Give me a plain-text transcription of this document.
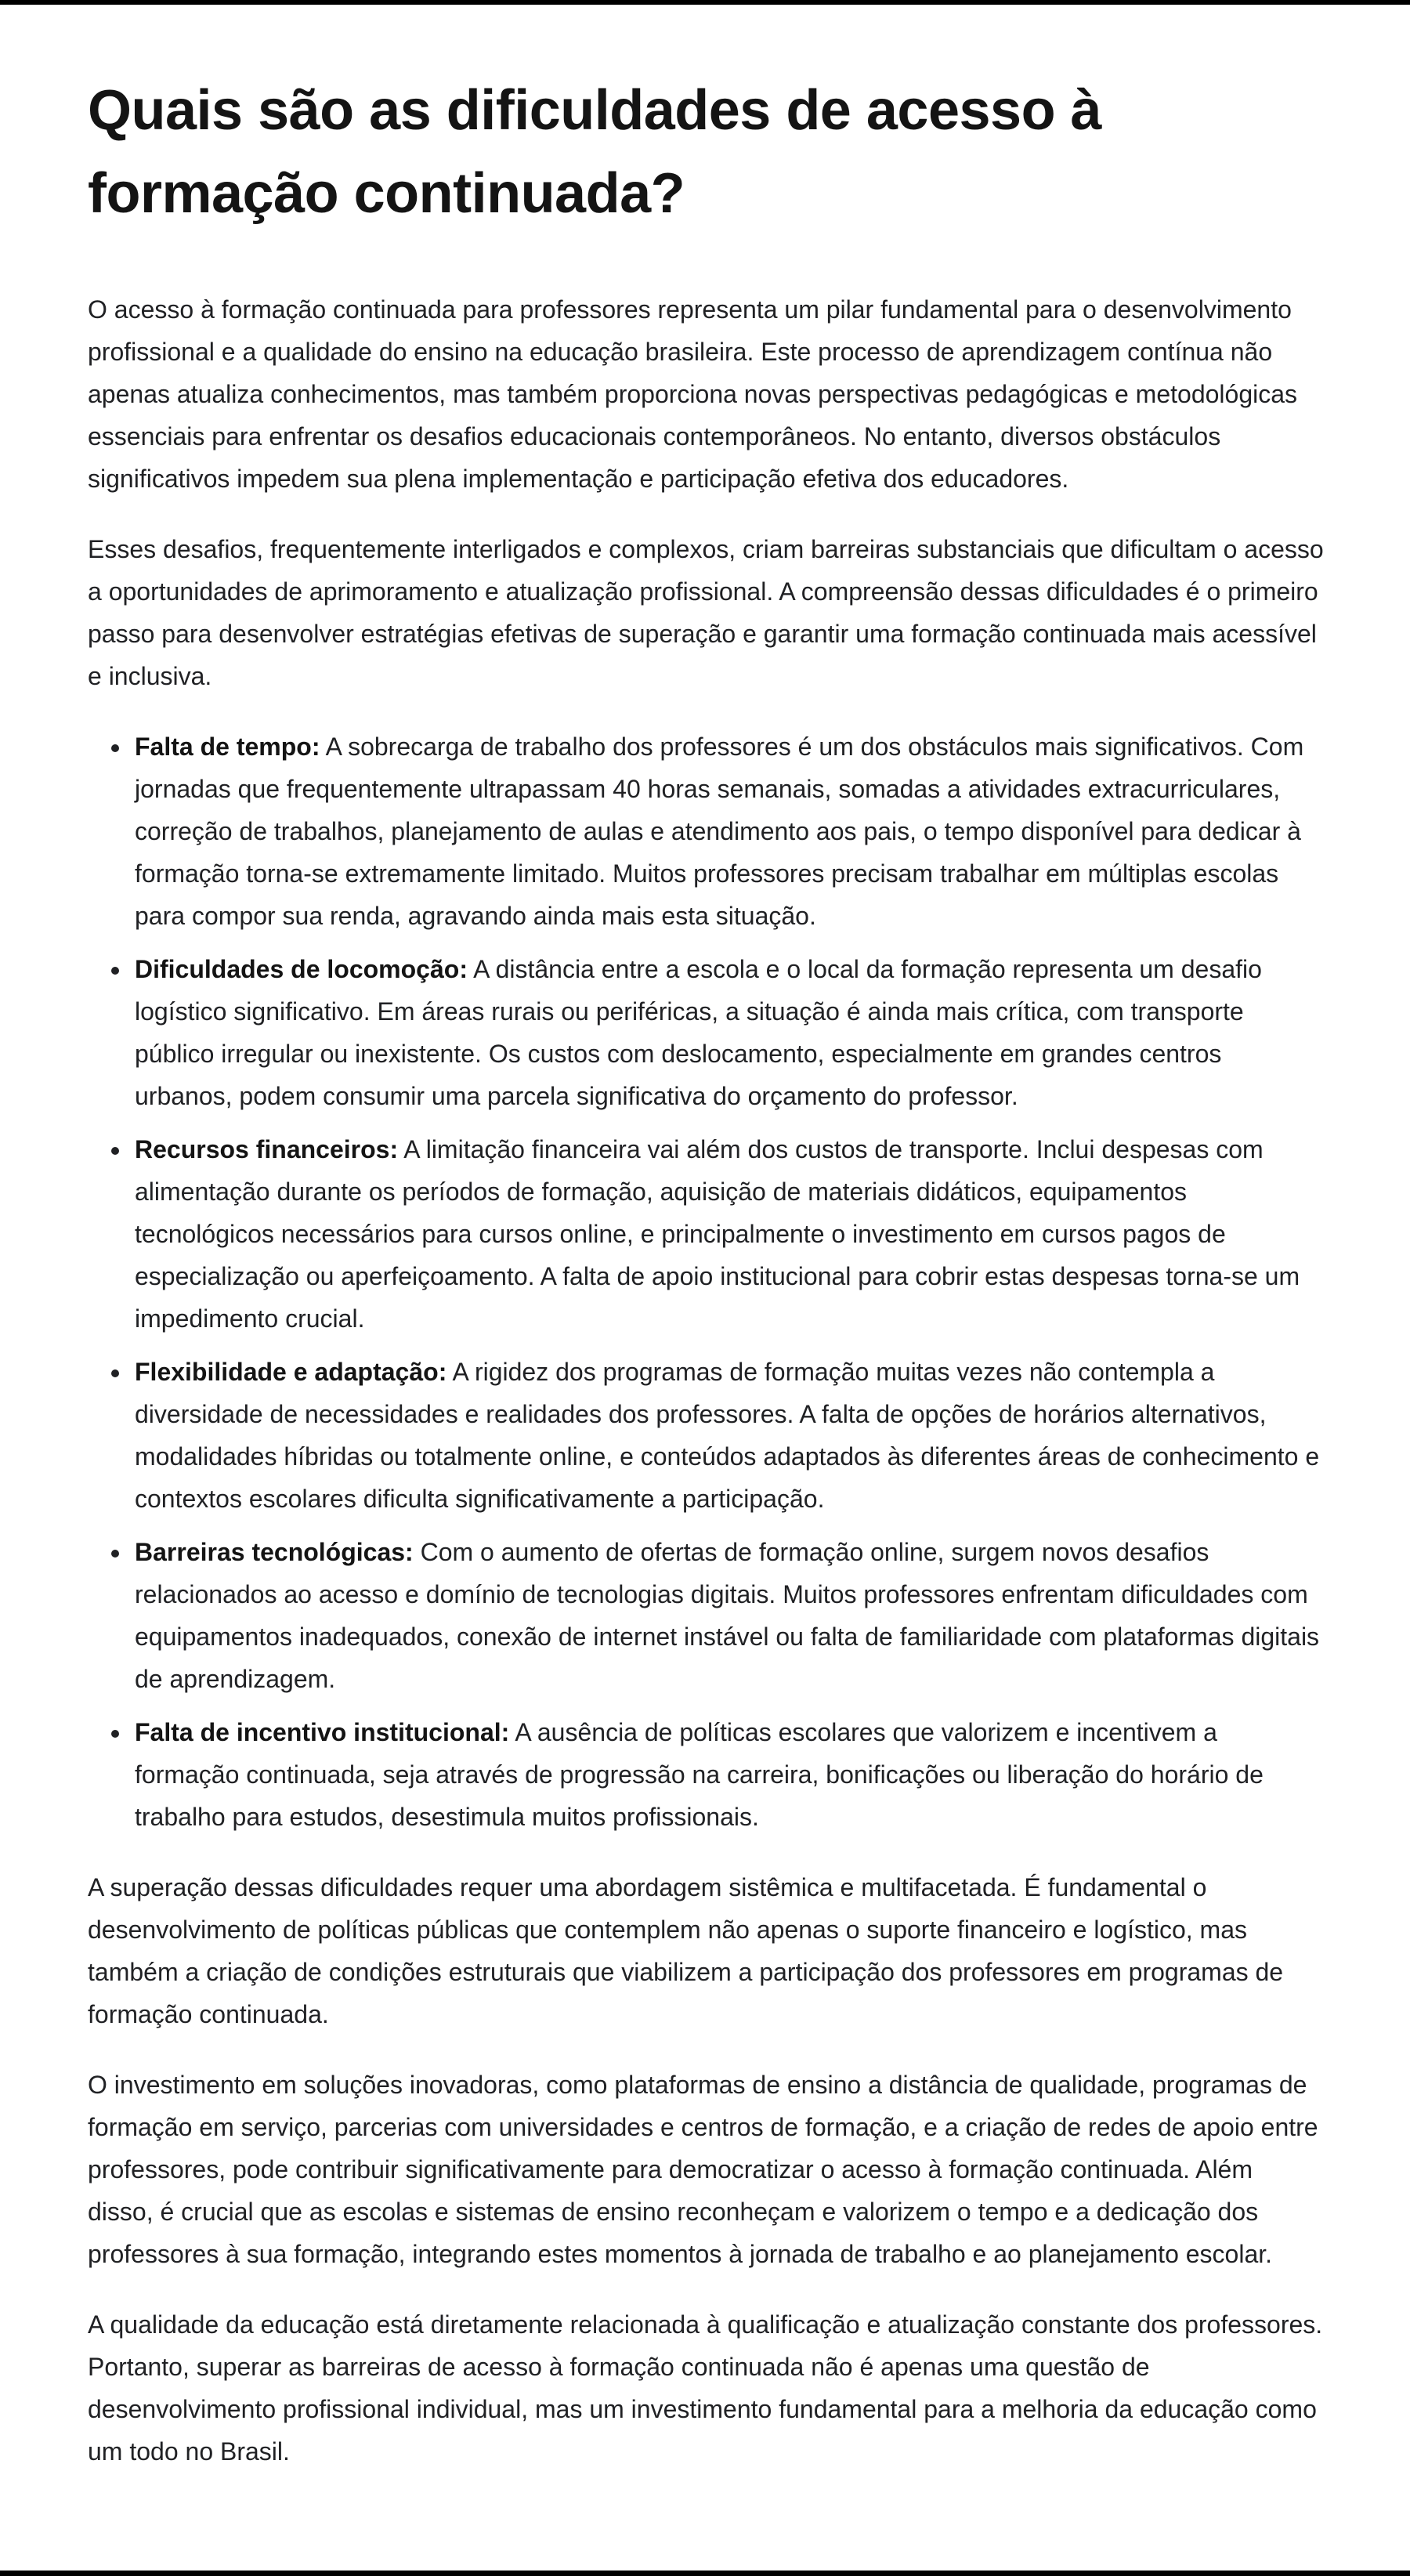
Quais são as dificuldades de acesso à formação continuada?

O acesso à formação continuada para professores representa um pilar fundamental para o desenvolvimento profissional e a qualidade do ensino na educação brasileira. Este processo de aprendizagem contínua não apenas atualiza conhecimentos, mas também proporciona novas perspectivas pedagógicas e metodológicas essenciais para enfrentar os desafios educacionais contemporâneos. No entanto, diversos obstáculos significativos impedem sua plena implementação e participação efetiva dos educadores.

Esses desafios, frequentemente interligados e complexos, criam barreiras substanciais que dificultam o acesso a oportunidades de aprimoramento e atualização profissional. A compreensão dessas dificuldades é o primeiro passo para desenvolver estratégias efetivas de superação e garantir uma formação continuada mais acessível e inclusiva.

• Falta de tempo: A sobrecarga de trabalho dos professores é um dos obstáculos mais significativos. Com jornadas que frequentemente ultrapassam 40 horas semanais, somadas a atividades extracurriculares, correção de trabalhos, planejamento de aulas e atendimento aos pais, o tempo disponível para dedicar à formação torna-se extremamente limitado. Muitos professores precisam trabalhar em múltiplas escolas para compor sua renda, agravando ainda mais esta situação.
• Dificuldades de locomoção: A distância entre a escola e o local da formação representa um desafio logístico significativo. Em áreas rurais ou periféricas, a situação é ainda mais crítica, com transporte público irregular ou inexistente. Os custos com deslocamento, especialmente em grandes centros urbanos, podem consumir uma parcela significativa do orçamento do professor.
• Recursos financeiros: A limitação financeira vai além dos custos de transporte. Inclui despesas com alimentação durante os períodos de formação, aquisição de materiais didáticos, equipamentos tecnológicos necessários para cursos online, e principalmente o investimento em cursos pagos de especialização ou aperfeiçoamento. A falta de apoio institucional para cobrir estas despesas torna-se um impedimento crucial.
• Flexibilidade e adaptação: A rigidez dos programas de formação muitas vezes não contempla a diversidade de necessidades e realidades dos professores. A falta de opções de horários alternativos, modalidades híbridas ou totalmente online, e conteúdos adaptados às diferentes áreas de conhecimento e contextos escolares dificulta significativamente a participação.
• Barreiras tecnológicas: Com o aumento de ofertas de formação online, surgem novos desafios relacionados ao acesso e domínio de tecnologias digitais. Muitos professores enfrentam dificuldades com equipamentos inadequados, conexão de internet instável ou falta de familiaridade com plataformas digitais de aprendizagem.
• Falta de incentivo institucional: A ausência de políticas escolares que valorizem e incentivem a formação continuada, seja através de progressão na carreira, bonificações ou liberação do horário de trabalho para estudos, desestimula muitos profissionais.

A superação dessas dificuldades requer uma abordagem sistêmica e multifacetada. É fundamental o desenvolvimento de políticas públicas que contemplem não apenas o suporte financeiro e logístico, mas também a criação de condições estruturais que viabilizem a participação dos professores em programas de formação continuada.

O investimento em soluções inovadoras, como plataformas de ensino a distância de qualidade, programas de formação em serviço, parcerias com universidades e centros de formação, e a criação de redes de apoio entre professores, pode contribuir significativamente para democratizar o acesso à formação continuada. Além disso, é crucial que as escolas e sistemas de ensino reconheçam e valorizem o tempo e a dedicação dos professores à sua formação, integrando estes momentos à jornada de trabalho e ao planejamento escolar.

A qualidade da educação está diretamente relacionada à qualificação e atualização constante dos professores. Portanto, superar as barreiras de acesso à formação continuada não é apenas uma questão de desenvolvimento profissional individual, mas um investimento fundamental para a melhoria da educação como um todo no Brasil.
